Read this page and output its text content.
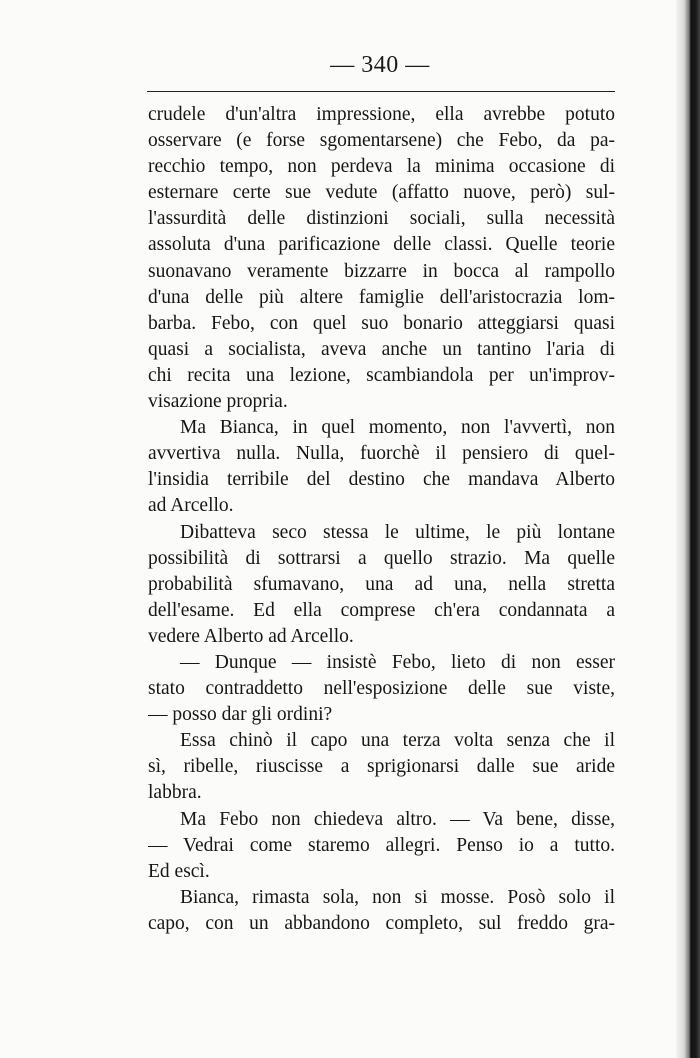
— 340 —
crudele d'un'altra impressione, ella avrebbe potuto
osservare (e forse sgomentarsene) che Febo, da pa-
recchio tempo, non perdeva la minima occasione di
esternare certe sue vedute (affatto nuove, però) sul-
l'assurdità delle distinzioni sociali, sulla necessità
assoluta d'una parificazione delle classi. Quelle teorie
suonavano veramente bizzarre in bocca al rampollo
d'una delle più altere famiglie dell'aristocrazia lom-
barba. Febo, con quel suo bonario atteggiarsi quasi
quasi a socialista, aveva anche un tantino l'aria di
chi recita una lezione, scambiandola per un'improv-
visazione propria.
Ma Bianca, in quel momento, non l'avvertì, non
avvertiva nulla. Nulla, fuorchè il pensiero di quel-
l'insidia terribile del destino che mandava Alberto
ad Arcello.
Dibatteva seco stessa le ultime, le più lontane
possibilità di sottrarsi a quello strazio. Ma quelle
probabilità sfumavano, una ad una, nella stretta
dell'esame. Ed ella comprese ch'era condannata a
vedere Alberto ad Arcello.
— Dunque — insistè Febo, lieto di non esser
stato contraddetto nell'esposizione delle sue viste,
— posso dar gli ordini?
Essa chinò il capo una terza volta senza che il
sì, ribelle, riuscisse a sprigionarsi dalle sue aride
labbra.
Ma Febo non chiedeva altro. — Va bene, disse,
— Vedrai come staremo allegri. Penso io a tutto.
Ed escì.
Bianca, rimasta sola, non si mosse. Posò solo il
capo, con un abbandono completo, sul freddo gra-
